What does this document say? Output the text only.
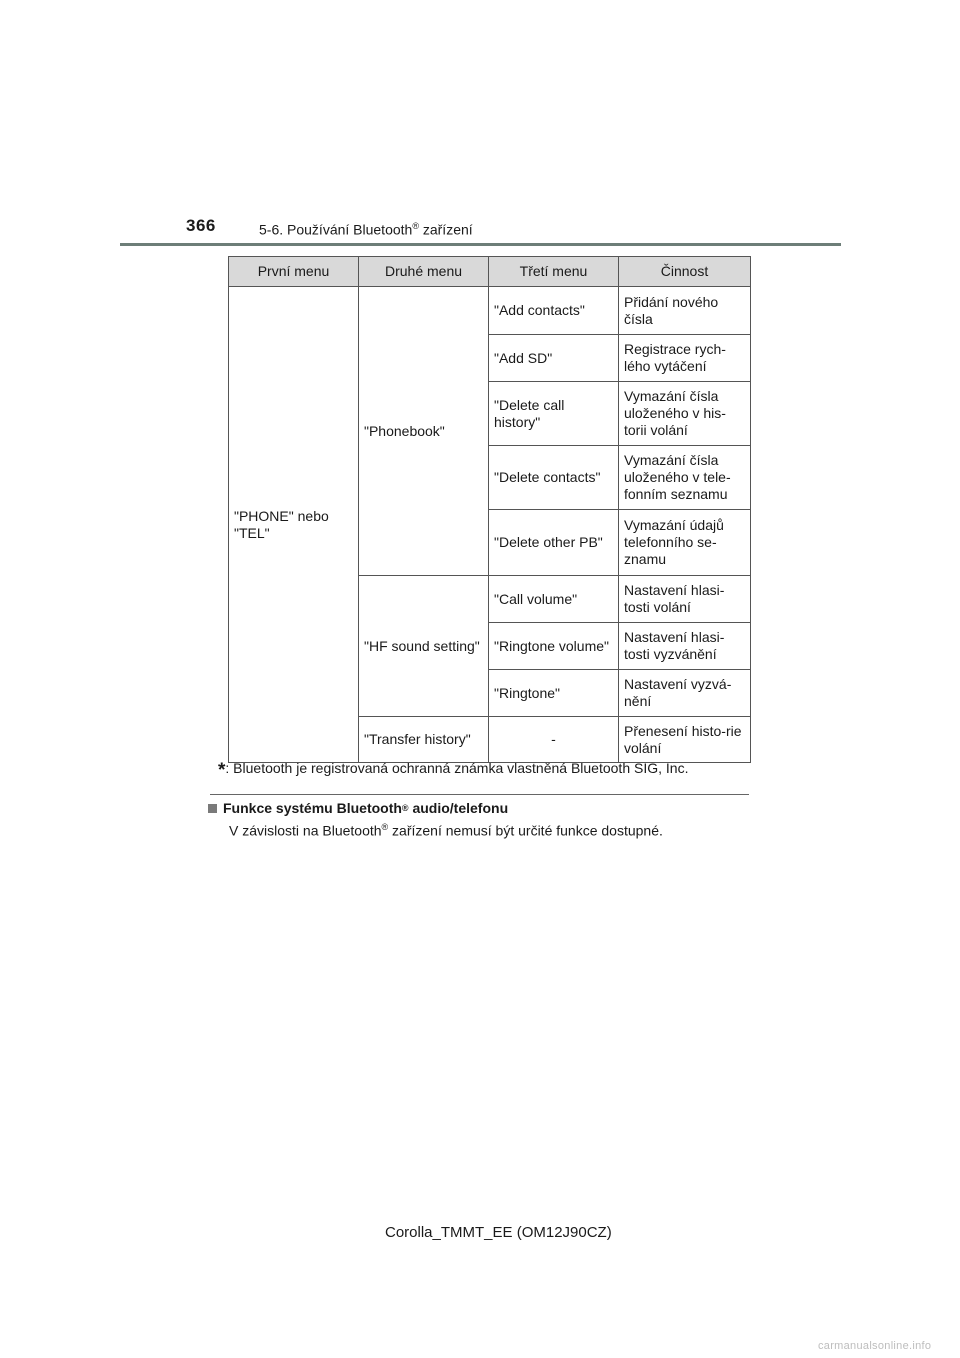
366	5-6. Používání Bluetooth® zařízení
První menu	Druhé menu	Třetí menu	Činnost
"PHONE" nebo "TEL"	"Phonebook"	"Add contacts"	Přidání nového čísla
		"Add SD"	Registrace rych-lého vytáčení
		"Delete call history"	Vymazání čísla uloženého v his-torii volání
		"Delete contacts"	Vymazání čísla uloženého v tele-fonním seznamu
		"Delete other PB"	Vymazání údajů telefonního se-znamu
	"HF sound setting"	"Call volume"	Nastavení hlasi-tosti volání
		"Ringtone volume"	Nastavení hlasi-tosti vyzvánění
		"Ringtone"	Nastavení vyzvá-nění
	"Transfer history"	-	Přenesení histo-rie volání
*: Bluetooth je registrovaná ochranná známka vlastněná Bluetooth SIG, Inc.
Funkce systému Bluetooth ® audio/telefonu
V závislosti na Bluetooth® zařízení nemusí být určité funkce dostupné.
Corolla_TMMT_EE (OM12J90CZ)
carmanualsonline.info
